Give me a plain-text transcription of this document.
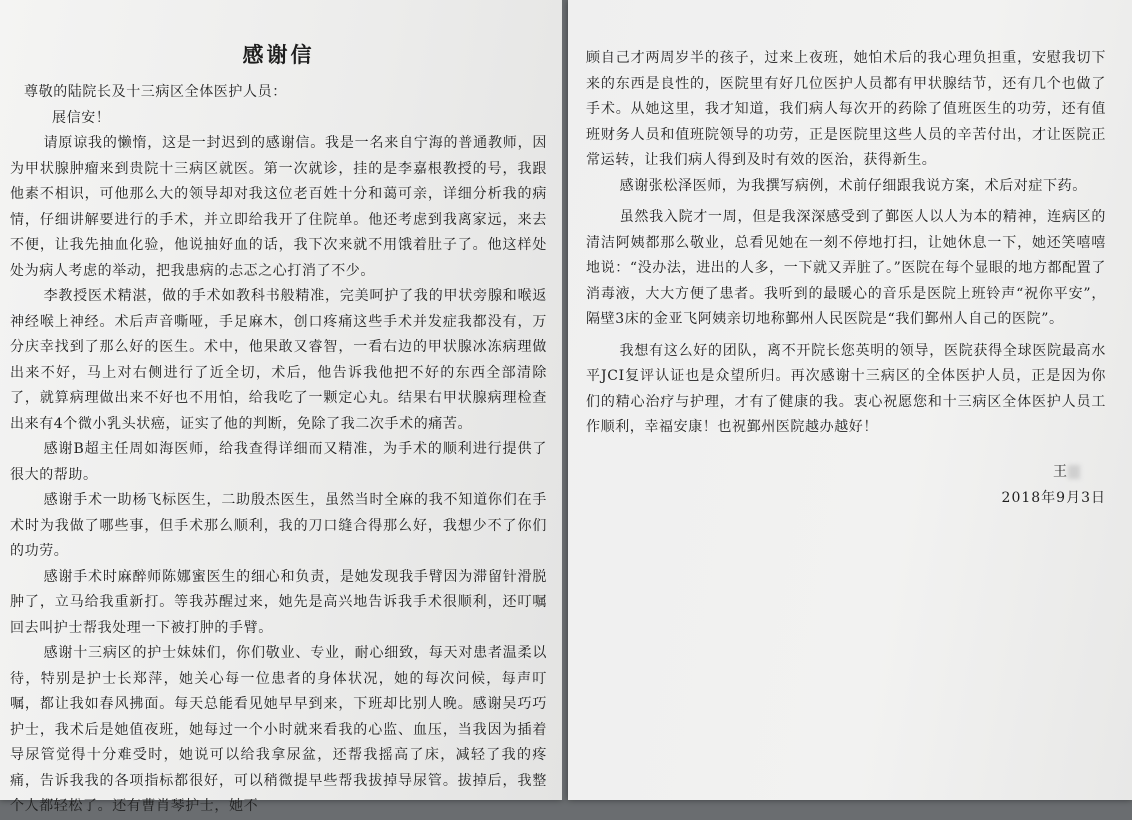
感谢信
尊敬的陆院长及十三病区全体医护人员：
展信安！

请原谅我的懒惰，这是一封迟到的感谢信。我是一名来自宁海的普通教师，因为甲状腺肿瘤来到贵院十三病区就医。第一次就诊，挂的是李嘉根教授的号，我跟他素不相识，可他那么大的领导却对我这位老百姓十分和蔼可亲，详细分析我的病情，仔细讲解要进行的手术，并立即给我开了住院单。他还考虑到我离家远，来去不便，让我先抽血化验，他说抽好血的话，我下次来就不用饿着肚子了。他这样处处为病人考虑的举动，把我患病的忐忑之心打消了不少。

李教授医术精湛，做的手术如教科书般精准，完美呵护了我的甲状旁腺和喉返神经喉上神经。术后声音嘶哑，手足麻木，创口疼痛这些手术并发症我都没有，万分庆幸找到了那么好的医生。术中，他果敢又睿智，一看右边的甲状腺冰冻病理做出来不好，马上对右侧进行了近全切，术后，他告诉我他把不好的东西全部清除了，就算病理做出来不好也不用怕，给我吃了一颗定心丸。结果右甲状腺病理检查出来有4个微小乳头状癌，证实了他的判断，免除了我二次手术的痛苦。

感谢B超主任周如海医师，给我查得详细而又精准，为手术的顺利进行提供了很大的帮助。

感谢手术一助杨飞标医生，二助殷杰医生，虽然当时全麻的我不知道你们在手术时为我做了哪些事，但手术那么顺利，我的刀口缝合得那么好，我想少不了你们的功劳。

感谢手术时麻醉师陈娜蜜医生的细心和负责，是她发现我手臂因为滞留针滑脱肿了，立马给我重新打。等我苏醒过来，她先是高兴地告诉我手术很顺利，还叮嘱回去叫护士帮我处理一下被打肿的手臂。

感谢十三病区的护士妹妹们，你们敬业、专业，耐心细致，每天对患者温柔以待，特别是护士长郑萍，她关心每一位患者的身体状况，她的每次问候，每声叮嘱，都让我如春风拂面。每天总能看见她早早到来，下班却比别人晚。感谢吴巧巧护士，我术后是她值夜班，她每过一个小时就来看我的心监、血压，当我因为插着导尿管觉得十分难受时，她说可以给我拿尿盆，还帮我摇高了床，减轻了我的疼痛，告诉我我的各项指标都很好，可以稍微提早些帮我拔掉导尿管。拔掉后，我整个人都轻松了。还有曹肖琴护士，她不

顾自己才两周岁半的孩子，过来上夜班，她怕术后的我心理负担重，安慰我切下来的东西是良性的，医院里有好几位医护人员都有甲状腺结节，还有几个也做了手术。从她这里，我才知道，我们病人每次开的药除了值班医生的功劳，还有值班财务人员和值班院领导的功劳，正是医院里这些人员的辛苦付出，才让医院正常运转，让我们病人得到及时有效的医治，获得新生。

感谢张松泽医师，为我撰写病例，术前仔细跟我说方案，术后对症下药。

虽然我入院才一周，但是我深深感受到了鄞医人以人为本的精神，连病区的清洁阿姨都那么敬业，总看见她在一刻不停地打扫，让她休息一下，她还笑嘻嘻地说：“没办法，进出的人多，一下就又弄脏了。”医院在每个显眼的地方都配置了消毒液，大大方便了患者。我听到的最暖心的音乐是医院上班铃声“祝你平安”，隔壁3床的金亚飞阿姨亲切地称鄞州人民医院是“我们鄞州人自己的医院”。

我想有这么好的团队，离不开院长您英明的领导，医院获得全球医院最高水平JCI复评认证也是众望所归。再次感谢十三病区的全体医护人员，正是因为你们的精心治疗与护理，才有了健康的我。衷心祝愿您和十三病区全体医护人员工作顺利，幸福安康！也祝鄞州医院越办越好！

王
2018年9月3日
